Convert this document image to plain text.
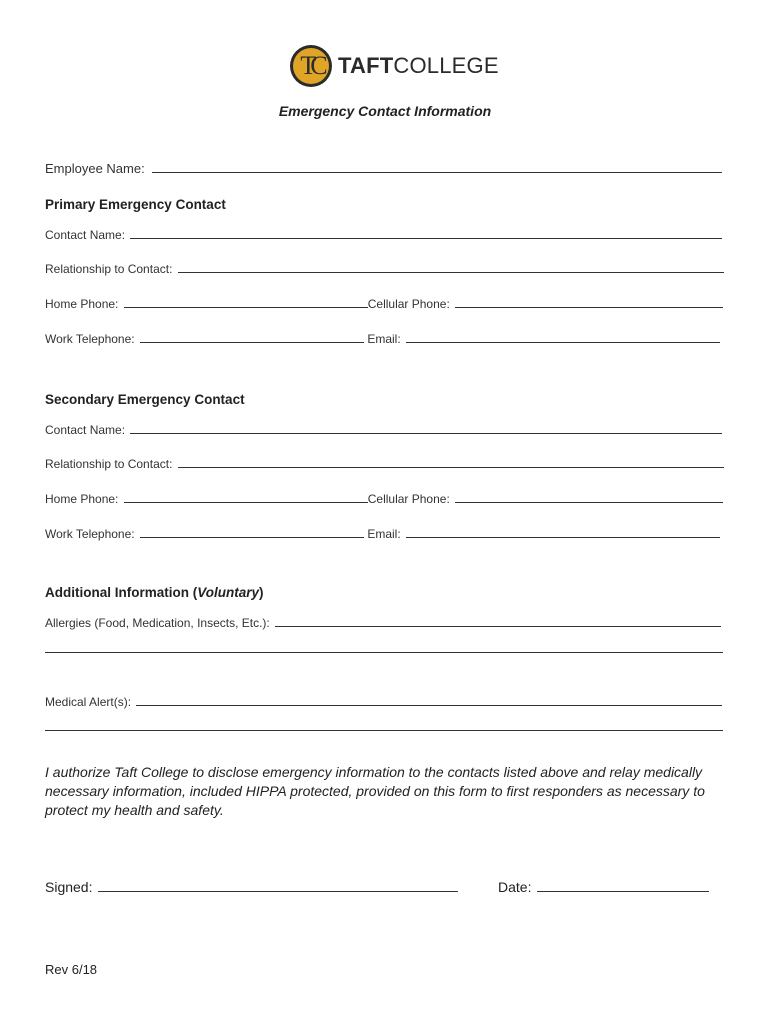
TC TAFTCOLLEGE
Emergency Contact Information
Employee Name:
Primary Emergency Contact
Contact Name:
Relationship to Contact:
Home Phone:	Cellular Phone:
Work Telephone:	Email:
Secondary Emergency Contact
Contact Name:
Relationship to Contact:
Home Phone:	Cellular Phone:
Work Telephone:	Email:
Additional Information (Voluntary)
Allergies (Food, Medication, Insects, Etc.):
Medical Alert(s):
I authorize Taft College to disclose emergency information to the contacts listed above and relay medically necessary information, included HIPPA protected, provided on this form to first responders as necessary to protect my health and safety.
Signed:	Date:
Rev 6/18
